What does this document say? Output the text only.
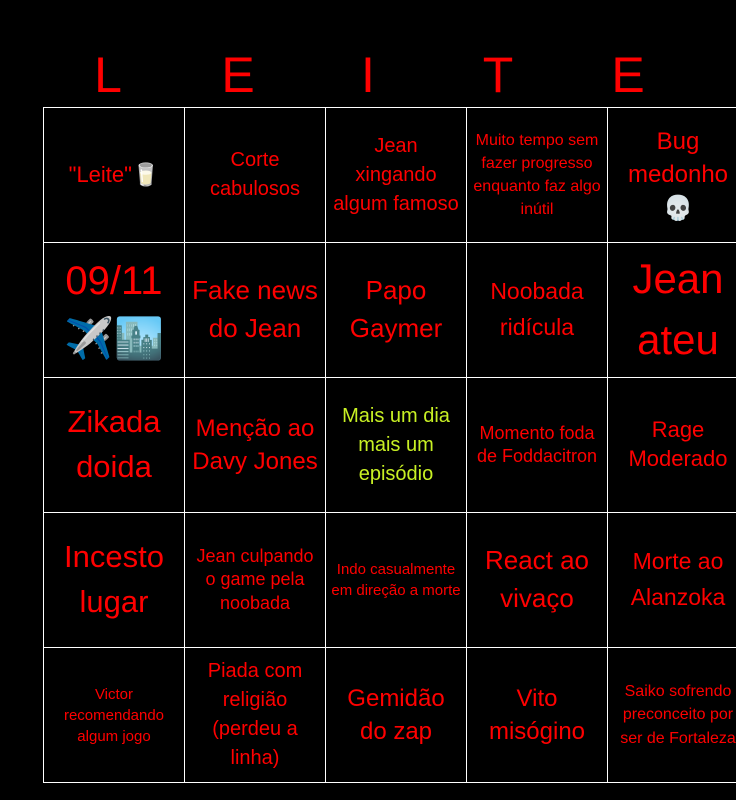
L	E	I	T	E
"Leite"🥛	Corte cabulosos	Jean xingando algum famoso	Muito tempo sem fazer progresso enquanto faz algo inútil	Bug medonho 💀

09/11 ✈️🏙️	Fake news do Jean	Papo Gaymer	Noobada ridícula	Jean ateu

Zikada doida	Menção ao Davy Jones	Mais um dia mais um episódio	Momento foda de Foddacitron	Rage Moderado

Incesto lugar	Jean culpando o game pela noobada	Indo casualmente em direção a morte	React ao vivaço	Morte ao Alanzoka

Victor recomendando algum jogo	Piada com religião (perdeu a linha)	Gemidão do zap	Vito misógino	Saiko sofrendo preconceito por ser de Fortaleza
